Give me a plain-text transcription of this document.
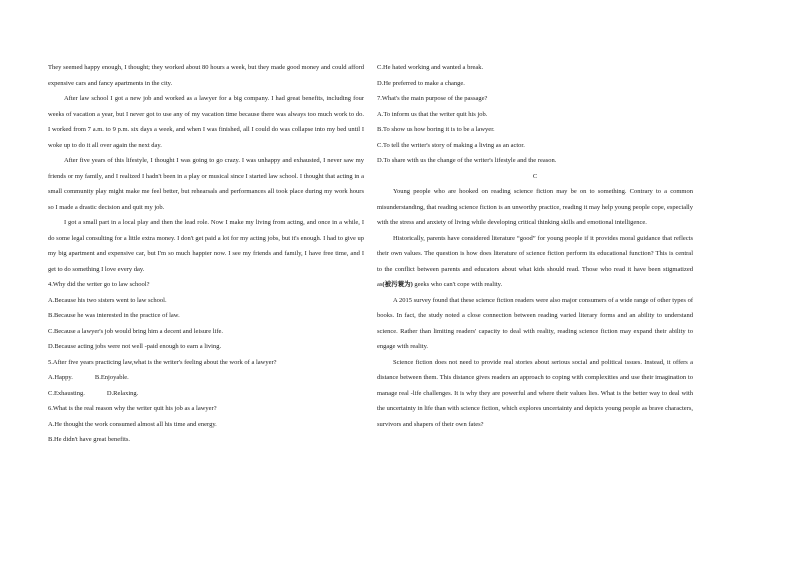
They seemed happy enough, I thought; they worked about 80 hours a week, but they made good money and could afford expensive cars and fancy apartments in the city.

After law school I got a new job and worked as a lawyer for a big company. I had great benefits, including four weeks of vacation a year, but I never got to use any of my vacation time because there was always too much work to do. I worked from 7 a.m. to 9 p.m. six days a week, and when I was finished, all I could do was collapse into my bed until I woke up to do it all over again the next day.

After five years of this lifestyle, I thought I was going to go crazy. I was unhappy and exhausted, I never saw my friends or my family, and I realized I hadn't been in a play or musical since I started law school. I thought that acting in a small community play might make me feel better, but rehearsals and performances all took place during my work hours so I made a drastic decision and quit my job.

I got a small part in a local play and then the lead role. Now I make my living from acting, and once in a while, I do some legal consulting for a little extra money. I don't get paid a lot for my acting jobs, but it's enough. I had to give up my big apartment and expensive car, but I'm so much happier now. I see my friends and family, I have free time, and I get to do something I love every day.

4.Why did the writer go to law school?
A.Because his two sisters went to law school.
B.Because he was interested in the practice of law.
C.Because a lawyer's job would bring him a decent and leisure life.
D.Because acting jobs were not well -paid enough to earn a living.
5.After five years practicing law,what is the writer's feeling about the work of a lawyer?
A.Happy.	B.Enjoyable.
C.Exhausting.	D.Relaxing.
6.What is the real reason why the writer quit his job as a lawyer?
A.He thought the work consumed almost all his time and energy.
B.He didn't have great benefits.
C.He hated working and wanted a break.
D.He preferred to make a change.
7.What's the main purpose of the passage?
A.To inform us that the writer quit his job.
B.To show us how boring it is to be a lawyer.
C.To tell the writer's story of making a living as an actor.
D.To share with us the change of the writer's lifestyle and the reason.
C

Young people who are hooked on reading science fiction may be on to something. Contrary to a common misunderstanding, that reading science fiction is an unworthy practice, reading it may help young people cope, especially with the stress and anxiety of living while developing critical thinking skills and emotional intelligence.

Historically, parents have considered literature “good” for young people if it provides moral guidance that reflects their own values. The question is how does literature of science fiction perform its educational function? This is central to the conflict between parents and educators about what kids should read. Those who read it have been stigmatized as(被污蓑为) geeks who can't cope with reality.

A 2015 survey found that these science fiction readers were also major consumers of a wide range of other types of books. In fact, the study noted a close connection between reading varied literary forms and an ability to understand science. Rather than limiting readers' capacity to deal with reality, reading science fiction may expand their ability to engage with reality.

Science fiction does not need to provide real stories about serious social and political issues. Instead, it offers a distance between them. This distance gives readers an approach to coping with complexities and use their imagination to manage real -life challenges. It is why they are powerful and where their values lies. What is the better way to deal with the uncertainty in life than with science fiction, which explores uncertainty and depicts young people as brave characters, survivors and shapers of their own fates?
